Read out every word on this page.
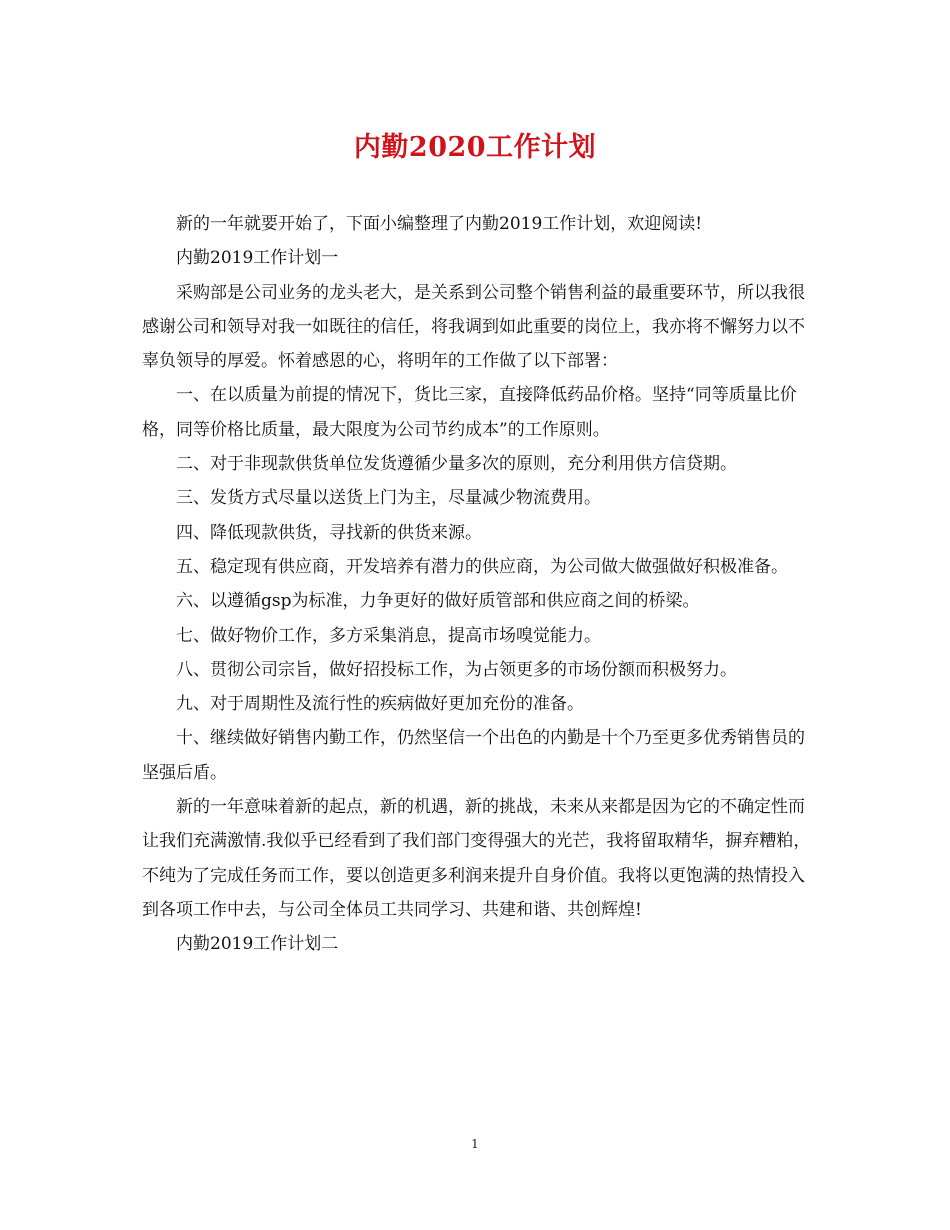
内勤2020工作计划

新的一年就要开始了，下面小编整理了内勤2019工作计划，欢迎阅读!

内勤2019工作计划一

采购部是公司业务的龙头老大，是关系到公司整个销售利益的最重要环节，所以我很感谢公司和领导对我一如既往的信任，将我调到如此重要的岗位上，我亦将不懈努力以不辜负领导的厚爱。怀着感恩的心，将明年的工作做了以下部署：

一、在以质量为前提的情况下，货比三家，直接降低药品价格。坚持“同等质量比价格，同等价格比质量，最大限度为公司节约成本”的工作原则。

二、对于非现款供货单位发货遵循少量多次的原则，充分利用供方信贷期。

三、发货方式尽量以送货上门为主，尽量减少物流费用。

四、降低现款供货，寻找新的供货来源。

五、稳定现有供应商，开发培养有潜力的供应商，为公司做大做强做好积极准备。

六、以遵循gsp为标准，力争更好的做好质管部和供应商之间的桥梁。

七、做好物价工作，多方采集消息，提高市场嗅觉能力。

八、贯彻公司宗旨，做好招投标工作，为占领更多的市场份额而积极努力。

九、对于周期性及流行性的疾病做好更加充份的准备。

十、继续做好销售内勤工作，仍然坚信一个出色的内勤是十个乃至更多优秀销售员的坚强后盾。

新的一年意味着新的起点，新的机遇，新的挑战，未来从来都是因为它的不确定性而让我们充满激情.我似乎已经看到了我们部门变得强大的光芒，我将留取精华，摒弃糟粕，不纯为了完成任务而工作，要以创造更多利润来提升自身价值。我将以更饱满的热情投入到各项工作中去，与公司全体员工共同学习、共建和谐、共创辉煌!

内勤2019工作计划二

1
